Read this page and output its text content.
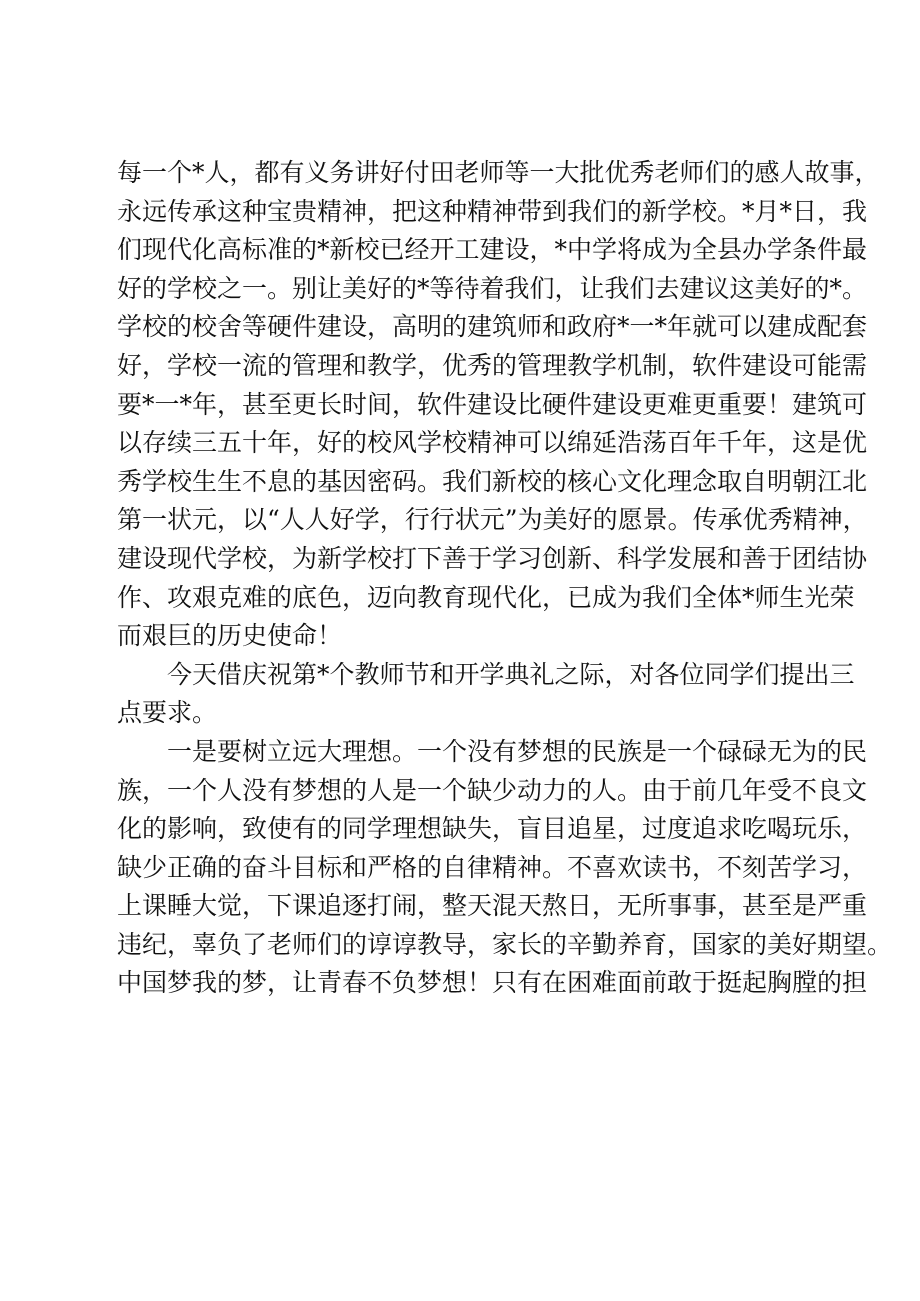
每一个*人，都有义务讲好付田老师等一大批优秀老师们的感人故事，
永远传承这种宝贵精神，把这种精神带到我们的新学校。*月*日，我
们现代化高标准的*新校已经开工建设，*中学将成为全县办学条件最
好的学校之一。别让美好的*等待着我们，让我们去建议这美好的*。
学校的校舍等硬件建设，高明的建筑师和政府*一*年就可以建成配套
好，学校一流的管理和教学，优秀的管理教学机制，软件建设可能需
要*一*年，甚至更长时间，软件建设比硬件建设更难更重要！建筑可
以存续三五十年，好的校风学校精神可以绵延浩荡百年千年，这是优
秀学校生生不息的基因密码。我们新校的核心文化理念取自明朝江北
第一状元，以“人人好学，行行状元”为美好的愿景。传承优秀精神，
建设现代学校，为新学校打下善于学习创新、科学发展和善于团结协
作、攻艰克难的底色，迈向教育现代化，已成为我们全体*师生光荣
而艰巨的历史使命！
今天借庆祝第*个教师节和开学典礼之际，对各位同学们提出三
点要求。
一是要树立远大理想。一个没有梦想的民族是一个碌碌无为的民
族，一个人没有梦想的人是一个缺少动力的人。由于前几年受不良文
化的影响，致使有的同学理想缺失，盲目追星，过度追求吃喝玩乐，
缺少正确的奋斗目标和严格的自律精神。不喜欢读书，不刻苦学习，
上课睡大觉，下课追逐打闹，整天混天熬日，无所事事，甚至是严重
违纪，辜负了老师们的谆谆教导，家长的辛勤养育，国家的美好期望。
中国梦我的梦，让青春不负梦想！只有在困难面前敢于挺起胸膛的担
